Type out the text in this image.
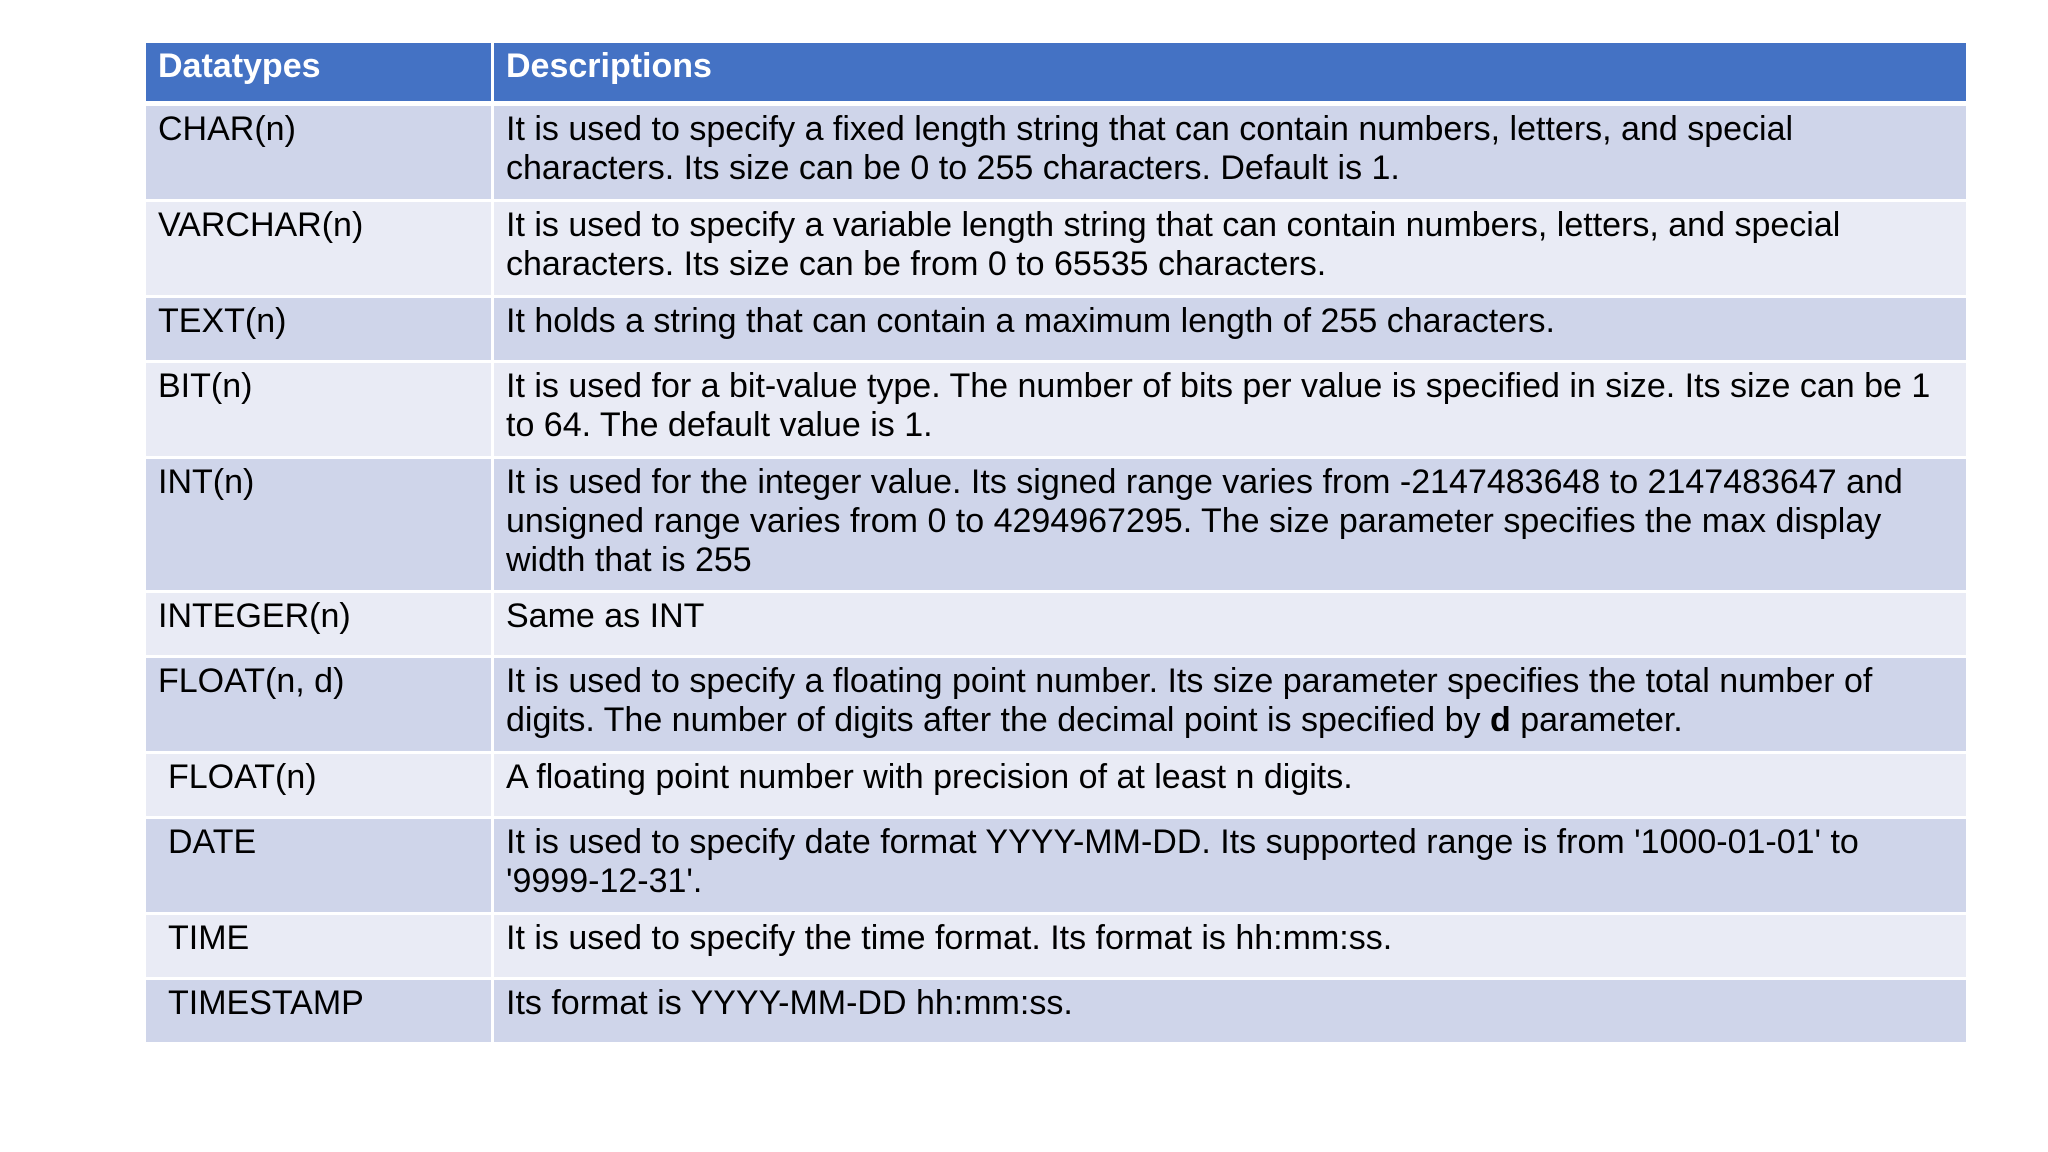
Datatypes	Descriptions
CHAR(n)	It is used to specify a fixed length string that can contain numbers, letters, and special characters. Its size can be 0 to 255 characters. Default is 1.
VARCHAR(n)	It is used to specify a variable length string that can contain numbers, letters, and special characters. Its size can be from 0 to 65535 characters.
TEXT(n)	It holds a string that can contain a maximum length of 255 characters.
BIT(n)	It is used for a bit-value type. The number of bits per value is specified in size. Its size can be 1 to 64. The default value is 1.
INT(n)	It is used for the integer value. Its signed range varies from -2147483648 to 2147483647 and unsigned range varies from 0 to 4294967295. The size parameter specifies the max display width that is 255
INTEGER(n)	Same as INT
FLOAT(n, d)	It is used to specify a floating point number. Its size parameter specifies the total number of digits. The number of digits after the decimal point is specified by d parameter.
FLOAT(n)	A floating point number with precision of at least n digits.
DATE	It is used to specify date format YYYY-MM-DD. Its supported range is from '1000-01-01' to '9999-12-31'.
TIME	It is used to specify the time format. Its format is hh:mm:ss.
TIMESTAMP	Its format is YYYY-MM-DD hh:mm:ss.
